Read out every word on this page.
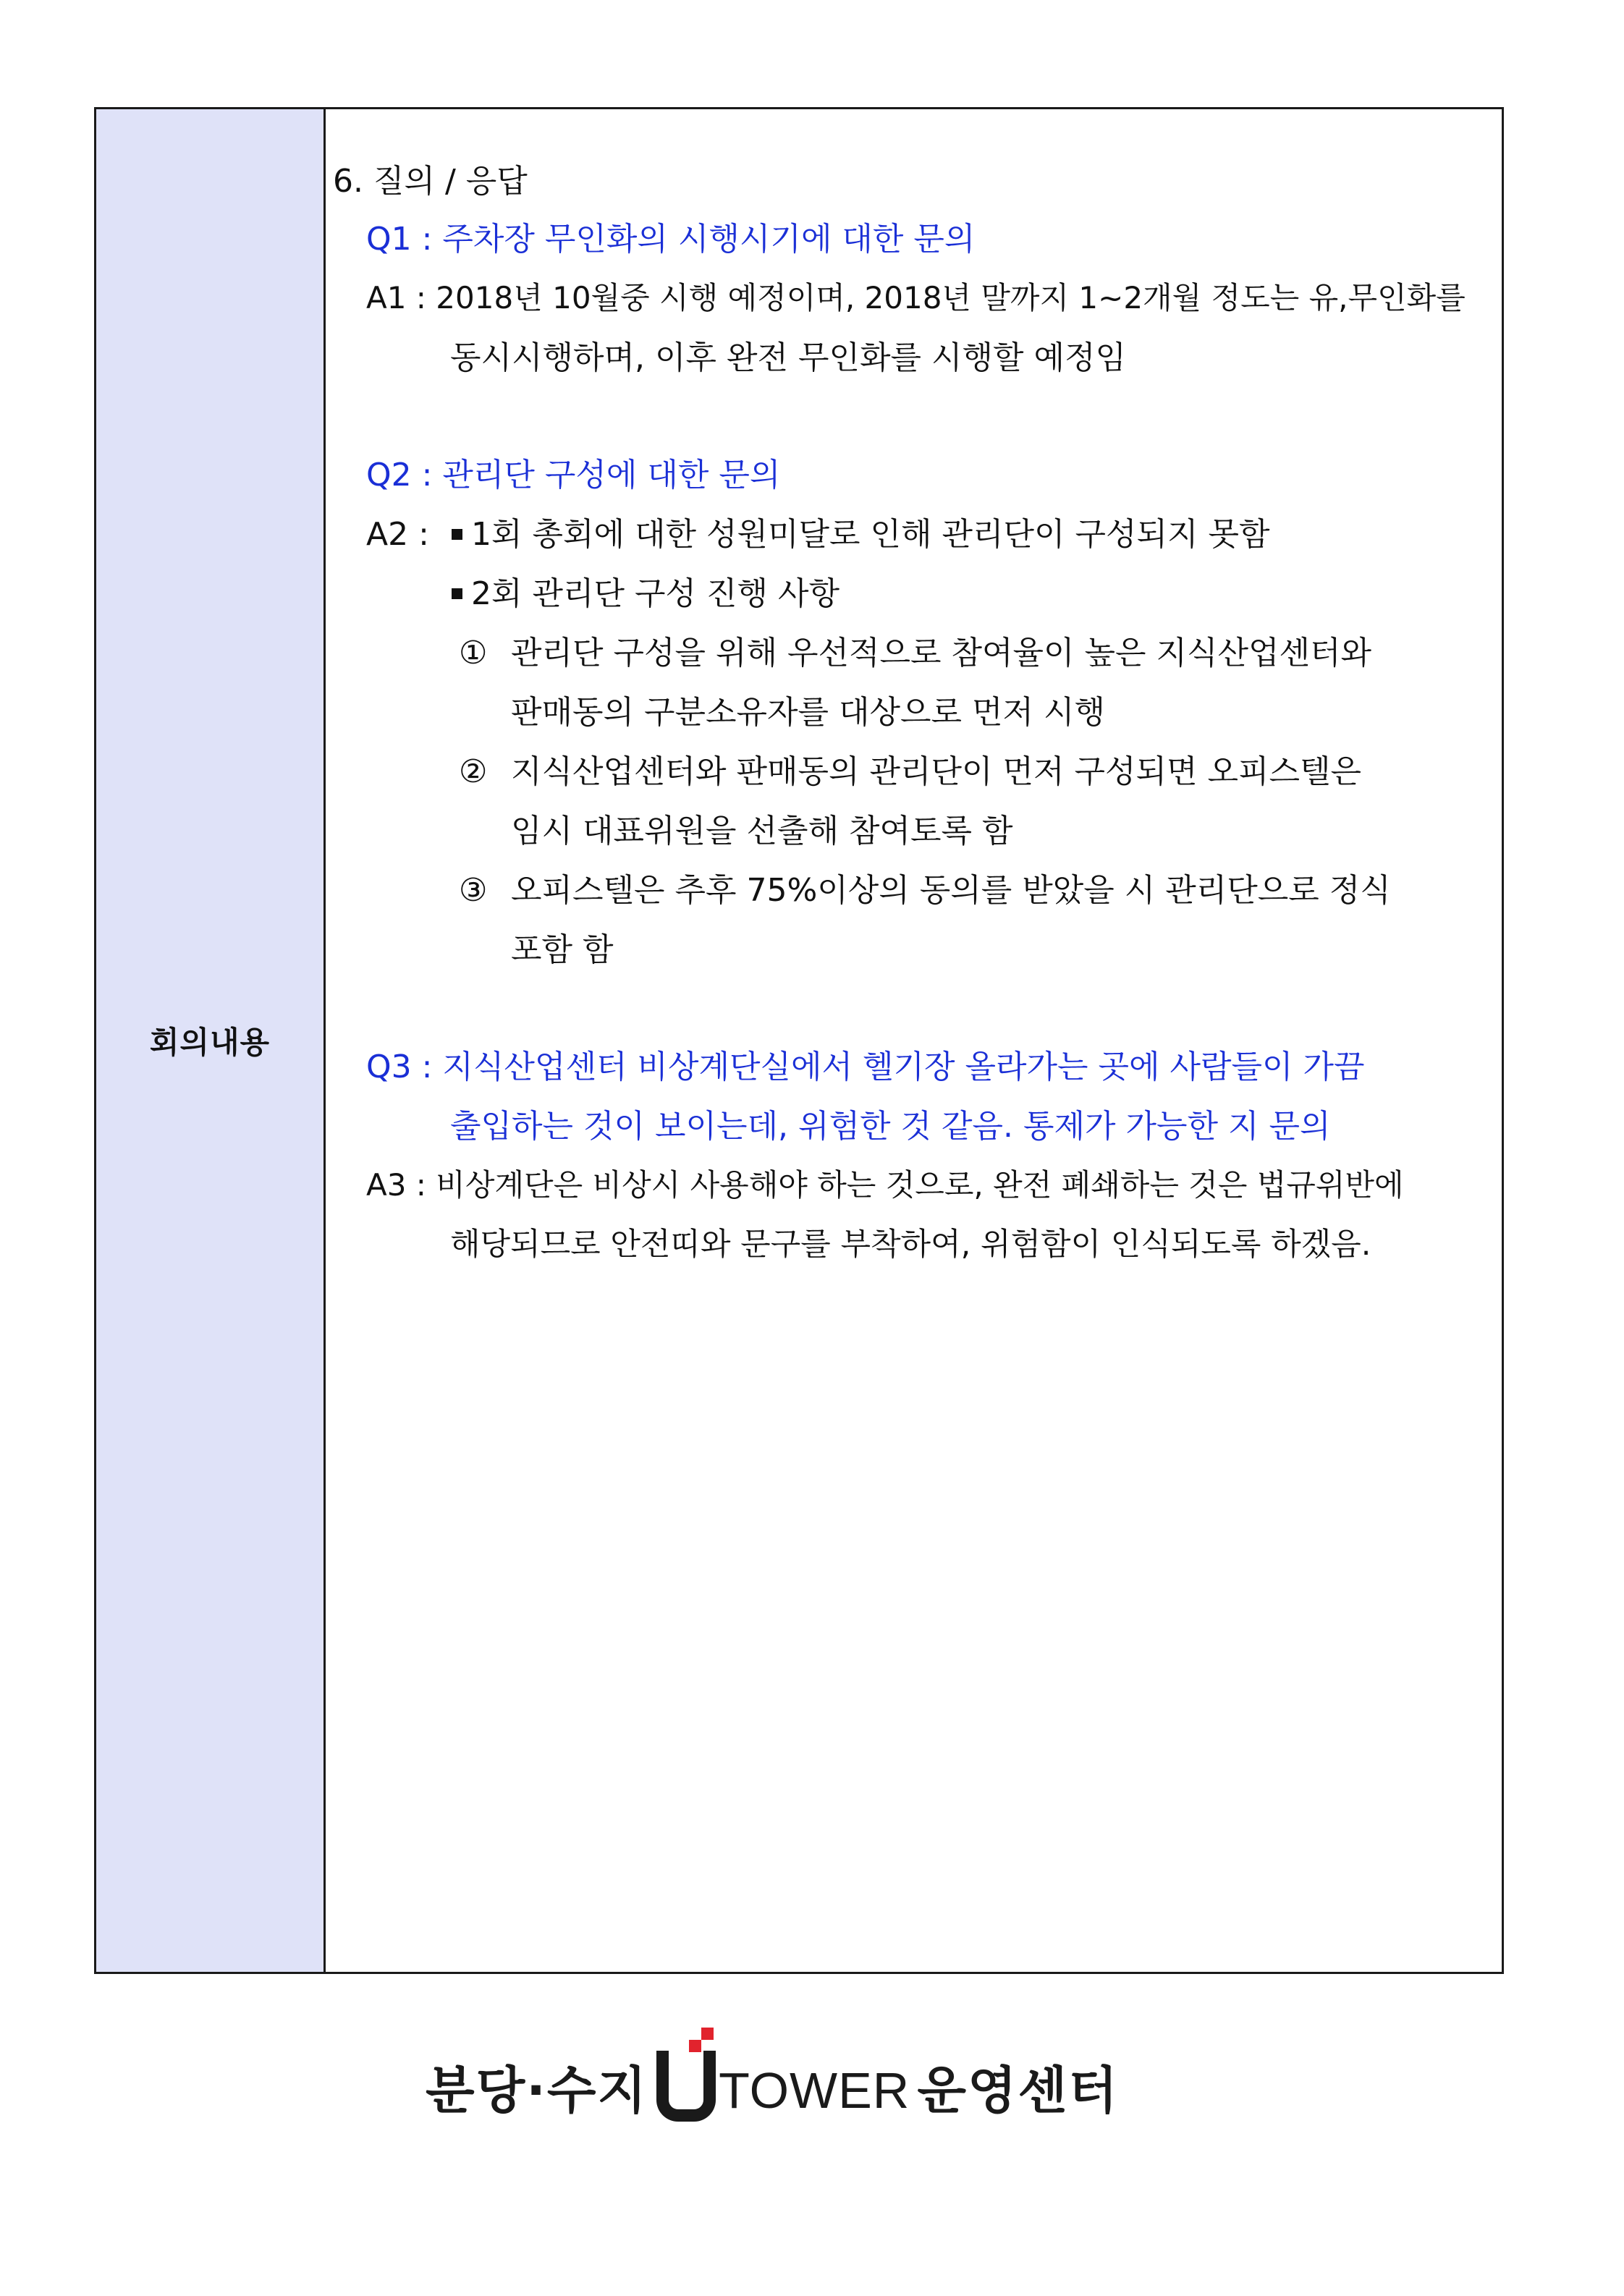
회의내용
6. 질의 / 응답
Q1 : 주차장 무인화의 시행시기에 대한 문의
A1 : 2018년 10월중 시행 예정이며, 2018년 말까지 1~2개월 정도는 유,무인화를
동시시행하며, 이후 완전 무인화를 시행할 예정임
Q2 : 관리단 구성에 대한 문의
A2 :	1회 총회에 대한 성원미달로 인해 관리단이 구성되지 못함
2회 관리단 구성 진행 사항
① 관리단 구성을 위해 우선적으로 참여율이 높은 지식산업센터와
판매동의 구분소유자를 대상으로 먼저 시행
② 지식산업센터와 판매동의 관리단이 먼저 구성되면 오피스텔은
임시 대표위원을 선출해 참여토록 함
③ 오피스텔은 추후 75%이상의 동의를 받았을 시 관리단으로 정식
포함 함
Q3 : 지식산업센터 비상계단실에서 헬기장 올라가는 곳에 사람들이 가끔
출입하는 것이 보이는데, 위험한 것 같음. 통제가 가능한 지 문의
A3 : 비상계단은 비상시 사용해야 하는 것으로, 완전 폐쇄하는 것은 법규위반에
해당되므로 안전띠와 문구를 부착하여, 위험함이 인식되도록 하겠음.
분당·수지 TOWER 운영센터
